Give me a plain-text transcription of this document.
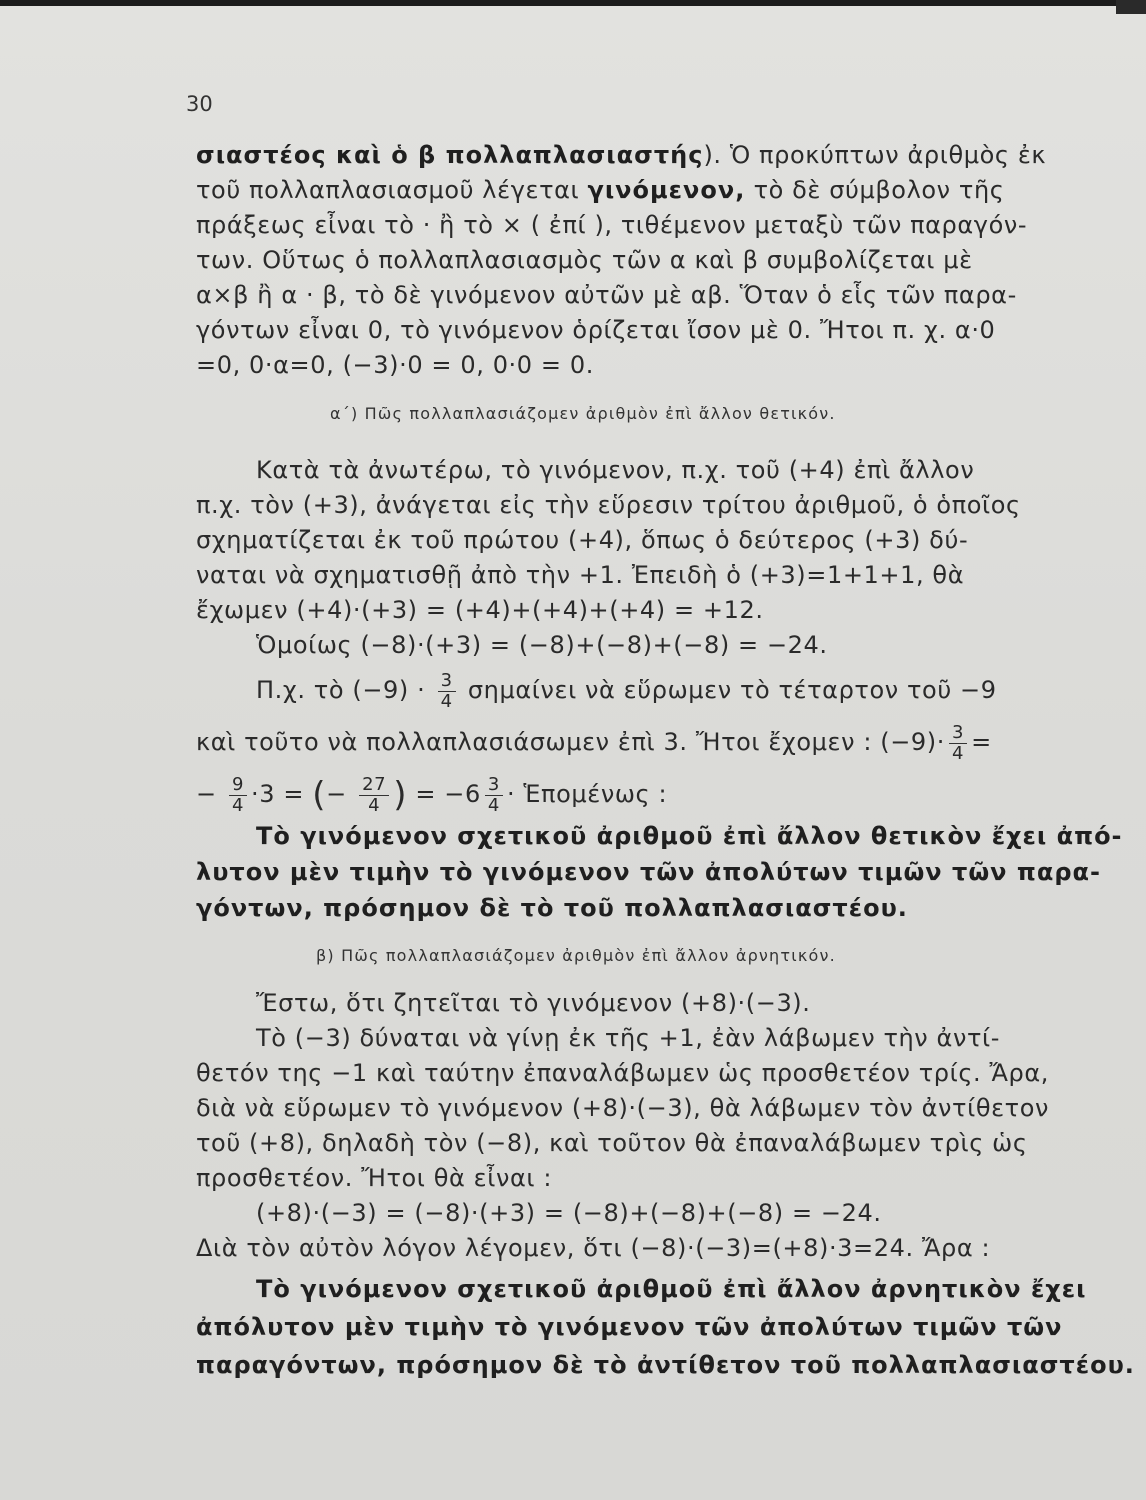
30
σιαστέος καὶ ὁ β πολλαπλασιαστής). Ὁ προκύπτων ἀριθμὸς ἐκ
τοῦ πολλαπλασιασμοῦ λέγεται γινόμενον, τὸ δὲ σύμβολον τῆς
πράξεως εἶναι τὸ · ἢ τὸ × ( ἐπί ), τιθέμενον μεταξὺ τῶν παραγόν-
των. Οὕτως ὁ πολλαπλασιασμὸς τῶν α καὶ β συμβολίζεται μὲ
α×β ἢ α · β, τὸ δὲ γινόμενον αὐτῶν μὲ αβ. Ὅταν ὁ εἷς τῶν παρα-
γόντων εἶναι 0, τὸ γινόμενον ὁρίζεται ἴσον μὲ 0. Ἤτοι π. χ. α·0
=0, 0·α=0, (−3)·0 = 0, 0·0 = 0.
α΄) Πῶς πολλαπλασιάζομεν ἀριθμὸν ἐπὶ ἄλλον θετικόν.
Κατὰ τὰ ἀνωτέρω, τὸ γινόμενον, π.χ. τοῦ (+4) ἐπὶ ἄλλον
π.χ. τὸν (+3), ἀνάγεται εἰς τὴν εὕρεσιν τρίτου ἀριθμοῦ, ὁ ὁποῖος
σχηματίζεται ἐκ τοῦ πρώτου (+4), ὅπως ὁ δεύτερος (+3) δύ-
ναται νὰ σχηματισθῇ ἀπὸ τὴν +1. Ἐπειδὴ ὁ (+3)=1+1+1, θὰ
ἔχωμεν (+4)·(+3) = (+4)+(+4)+(+4) = +12.
Ὁμοίως (−8)·(+3) = (−8)+(−8)+(−8) = −24.
Π.χ. τὸ $(-9) \cdot \frac{3}{4}$ σημαίνει νὰ εὕρωμεν τὸ τέταρτον τοῦ −9
καὶ τοῦτο νὰ πολλαπλασιάσωμεν ἐπὶ 3. Ἤτοι ἔχομεν : $(-9)\cdot \frac{3}{4}$ =
− $\frac{9}{4} \cdot 3$ = (− $\frac{27}{4}$ ) = $-6 \frac{3}{4}$ · Ἑπομένως :
Τὸ γινόμενον σχετικοῦ ἀριθμοῦ ἐπὶ ἄλλον θετικὸν ἔχει ἀπό-
λυτον μὲν τιμὴν τὸ γινόμενον τῶν ἀπολύτων τιμῶν τῶν παρα-
γόντων, πρόσημον δὲ τὸ τοῦ πολλαπλασιαστέου.
β) Πῶς πολλαπλασιάζομεν ἀριθμὸν ἐπὶ ἄλλον ἀρνητικόν.
Ἔστω, ὅτι ζητεῖται τὸ γινόμενον (+8)·(−3).
Τὸ (−3) δύναται νὰ γίνῃ ἐκ τῆς +1, ἐὰν λάβωμεν τὴν ἀντί-
θετόν της −1 καὶ ταύτην ἐπαναλάβωμεν ὡς προσθετέον τρίς. Ἄρα,
διὰ νὰ εὕρωμεν τὸ γινόμενον (+8)·(−3), θὰ λάβωμεν τὸν ἀντίθετον
τοῦ (+8), δηλαδὴ τὸν (−8), καὶ τοῦτον θὰ ἐπαναλάβωμεν τρὶς ὡς
προσθετέον. Ἤτοι θὰ εἶναι :
(+8)·(−3) = (−8)·(+3) = (−8)+(−8)+(−8) = −24.
Διὰ τὸν αὐτὸν λόγον λέγομεν, ὅτι (−8)·(−3)=(+8)·3=24. Ἄρα :
Τὸ γινόμενον σχετικοῦ ἀριθμοῦ ἐπὶ ἄλλον ἀρνητικὸν ἔχει
ἀπόλυτον μὲν τιμὴν τὸ γινόμενον τῶν ἀπολύτων τιμῶν τῶν
παραγόντων, πρόσημον δὲ τὸ ἀντίθετον τοῦ πολλαπλασιαστέου.
